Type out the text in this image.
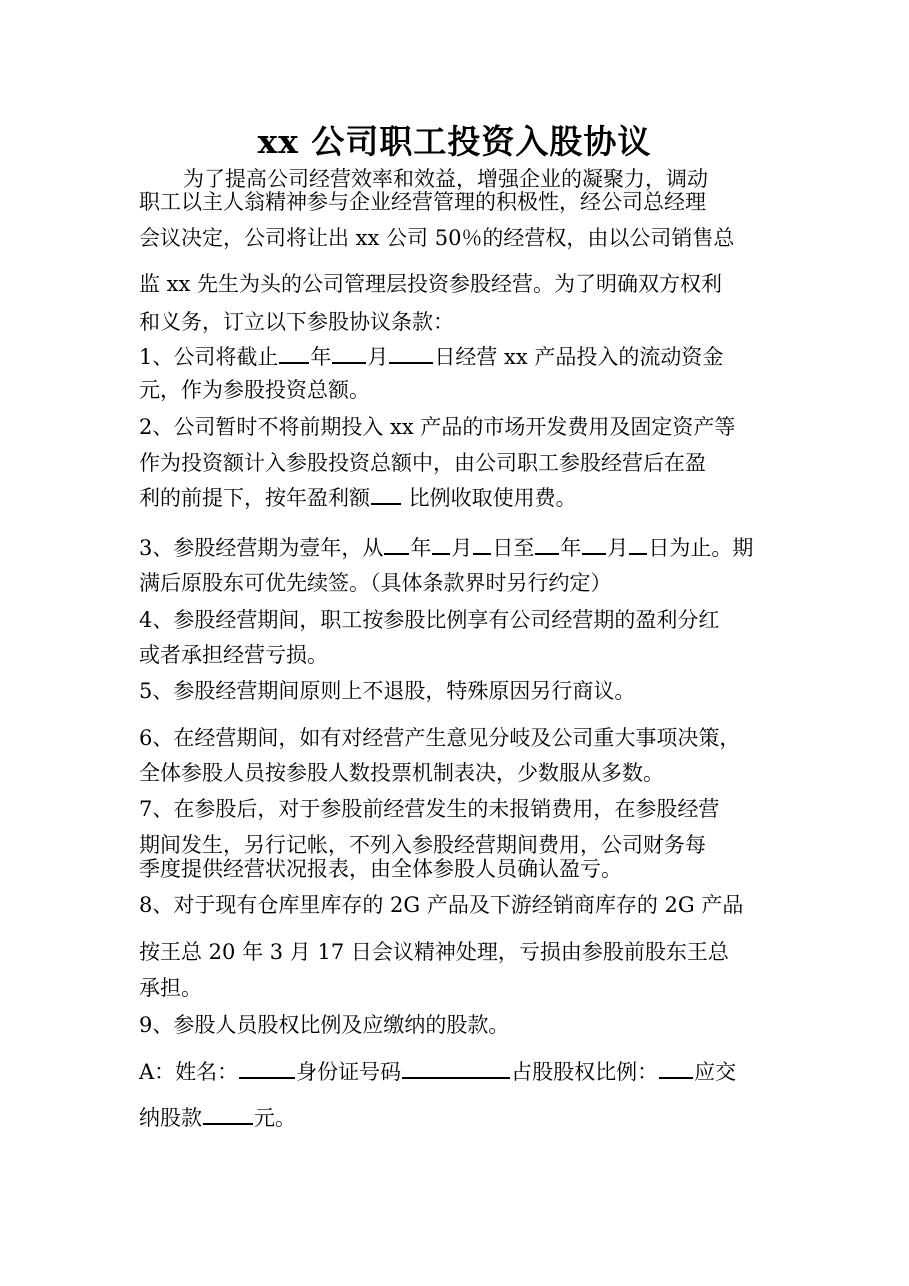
xx 公司职工投资入股协议
为了提高公司经营效率和效益，增强企业的凝聚力，调动
职工以主人翁精神参与企业经营管理的积极性，经公司总经理
会议决定，公司将让出 xx 公司 50％的经营权，由以公司销售总
监 xx 先生为头的公司管理层投资参股经营。为了明确双方权利
和义务，订立以下参股协议条款：
1、公司将截止 年 月 日经营 xx 产品投入的流动资金
元，作为参股投资总额。
2、公司暂时不将前期投入 xx 产品的市场开发费用及固定资产等
作为投资额计入参股投资总额中，由公司职工参股经营后在盈
利的前提下，按年盈利额 比例收取使用费。
3、参股经营期为壹年，从 年 月 日至 年 月 日为止。期
满后原股东可优先续签。（具体条款界时另行约定）
4、参股经营期间，职工按参股比例享有公司经营期的盈利分红
或者承担经营亏损。
5、参股经营期间原则上不退股，特殊原因另行商议。
6、在经营期间，如有对经营产生意见分岐及公司重大事项决策，
全体参股人员按参股人数投票机制表决，少数服从多数。
7、在参股后，对于参股前经营发生的未报销费用，在参股经营
期间发生，另行记帐，不列入参股经营期间费用，公司财务每
季度提供经营状况报表，由全体参股人员确认盈亏。
8、对于现有仓库里库存的 2G 产品及下游经销商库存的 2G 产品
按王总 20 年 3 月 17 日会议精神处理，亏损由参股前股东王总
承担。
9、参股人员股权比例及应缴纳的股款。
A：姓名：	身份证号码	占股股权比例： 应交
纳股款 元。
